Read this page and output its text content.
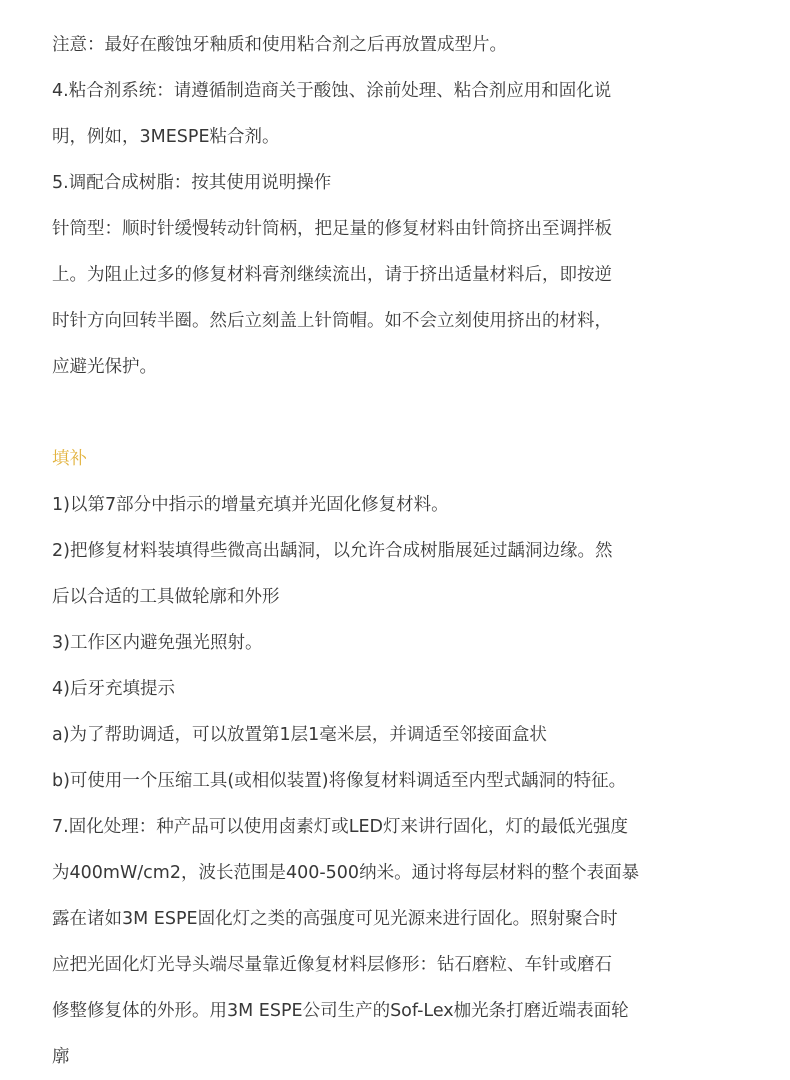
注意：最好在酸蚀牙釉质和使用粘合剂之后再放置成型片。
4.粘合剂系统：请遵循制造商关于酸蚀、涂前处理、粘合剂应用和固化说
明，例如，3MESPE粘合剂。
5.调配合成树脂：按其使用说明操作
针筒型：顺时针缓慢转动针筒柄，把足量的修复材料由针筒挤出至调拌板
上。为阻止过多的修复材料膏剂继续流出，请于挤出适量材料后，即按逆
时针方向回转半圈。然后立刻盖上针筒帽。如不会立刻使用挤出的材料，
应避光保护。
填补
1)以第7部分中指示的增量充填并光固化修复材料。
2)把修复材料装填得些微高出龋洞，以允许合成树脂展延过龋洞边缘。然
后以合适的工具做轮廓和外形
3)工作区内避免强光照射。
4)后牙充填提示
a)为了帮助调适，可以放置第1层1毫米层，并调适至邻接面盒状
b)可使用一个压缩工具(或相似装置)将像复材料调适至内型式龋洞的特征。
7.固化处理：种产品可以使用卤素灯或LED灯来讲行固化，灯的最低光强度
为400mW/cm2，波长范围是400-500纳米。通讨将每层材料的整个表面暴
露在诸如3M ESPE固化灯之类的高强度可见光源来进行固化。照射聚合时
应把光固化灯光导头端尽量靠近像复材料层修形：钻石磨粒、车针或磨石
修整修复体的外形。用3M ESPE公司生产的Sof-Lex枷光条打磨近端表面轮
廓
